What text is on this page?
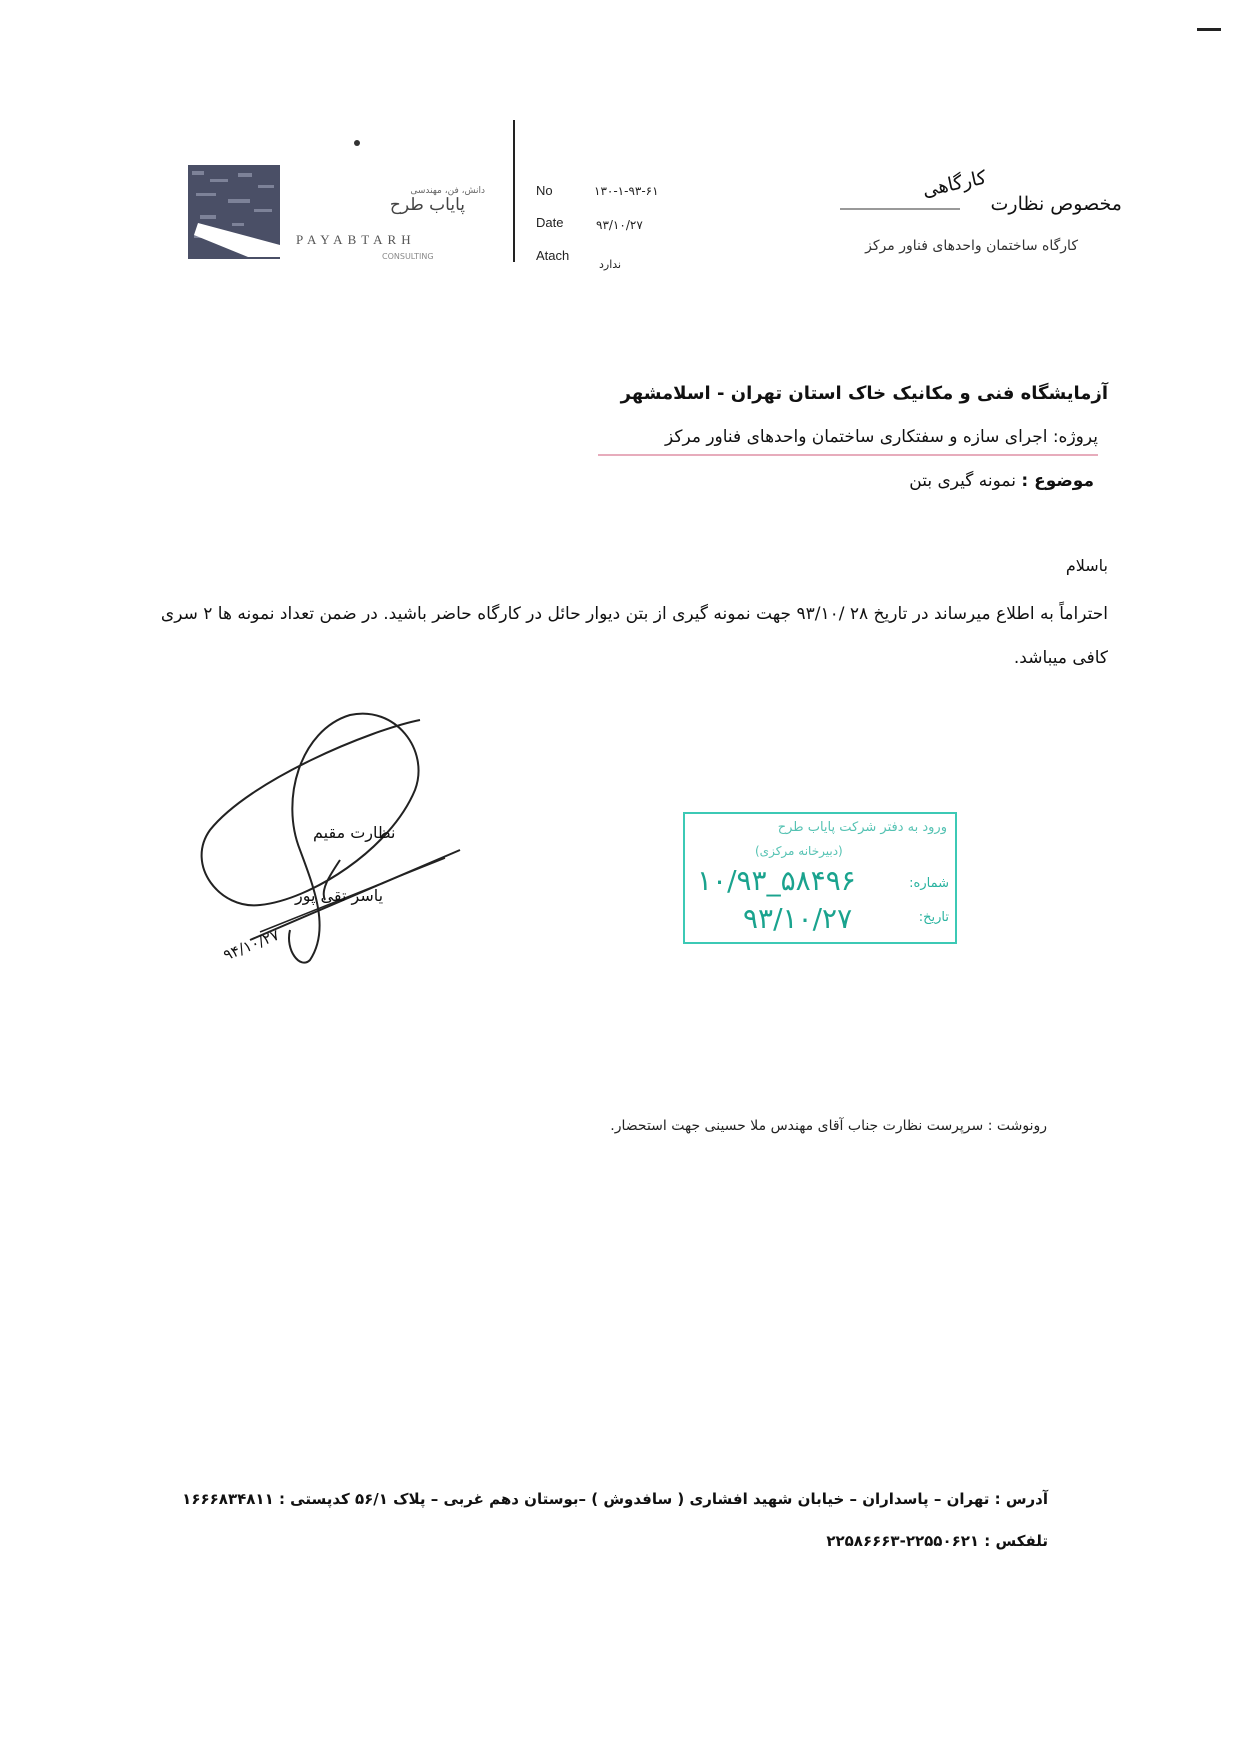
دانش، فن، مهندسی
پایاب طرح
PAYABTARH
CONSULTING
No	۱۳۰-۱-۹۳-۶۱
Date	۹۳/۱۰/۲۷
Atach
ندارد
کارگاهی
مخصوص نظارت
کارگاه ساختمان واحدهای فناور مرکز
آزمایشگاه فنی و مکانیک خاک استان تهران - اسلامشهر
پروژه: اجرای سازه و سفتکاری ساختمان واحدهای فناور مرکز
موضوع : نمونه گیری بتن
باسلام
احتراماً به اطلاع میرساند در تاریخ ۲۸ /۹۳/۱۰ جهت نمونه گیری از بتن دیوار حائل در کارگاه حاضر باشید. در ضمن تعداد نمونه ها ۲ سری کافی میباشد.
نظارت مقیم
یاسر تقی پور
۹۴/۱۰/۲۷
ورود به دفتر شرکت پایاب طرح
(دبیرخانه مرکزی)
شماره:
۱۰/۹۳_۵۸۴۹۶
تاریخ:
۹۳/۱۰/۲۷
رونوشت : سرپرست نظارت جناب آقای مهندس ملا حسینی جهت استحضار.
آدرس : تهران – پاسداران – خیابان شهید افشاری ( سافدوش ) –بوستان دهم غربی – پلاک ۵۶/۱ کدپستی : ۱۶۶۶۸۳۴۸۱۱
تلفکس : ۲۲۵۵۰۶۲۱-۲۲۵۸۶۶۶۳
